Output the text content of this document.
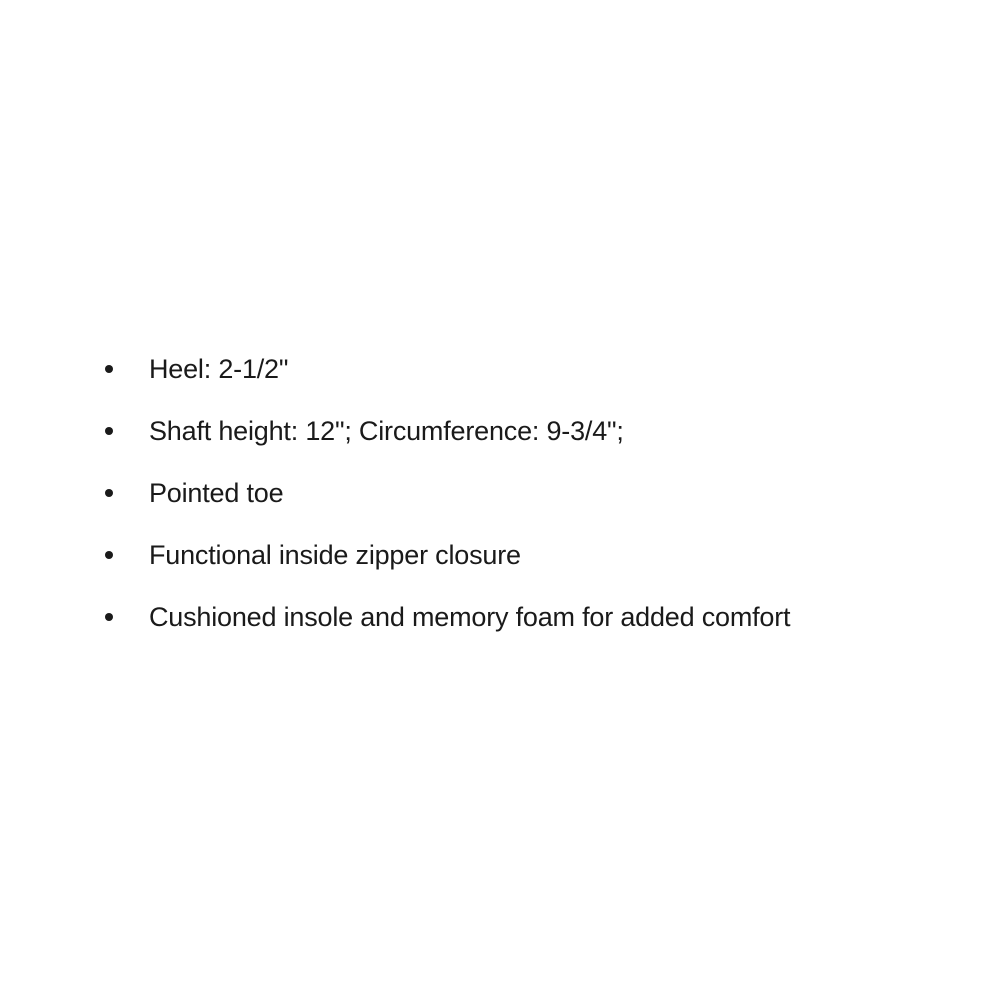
Heel: 2-1/2"
Shaft height: 12"; Circumference: 9-3/4";
Pointed toe
Functional inside zipper closure
Cushioned insole and memory foam for added comfort
